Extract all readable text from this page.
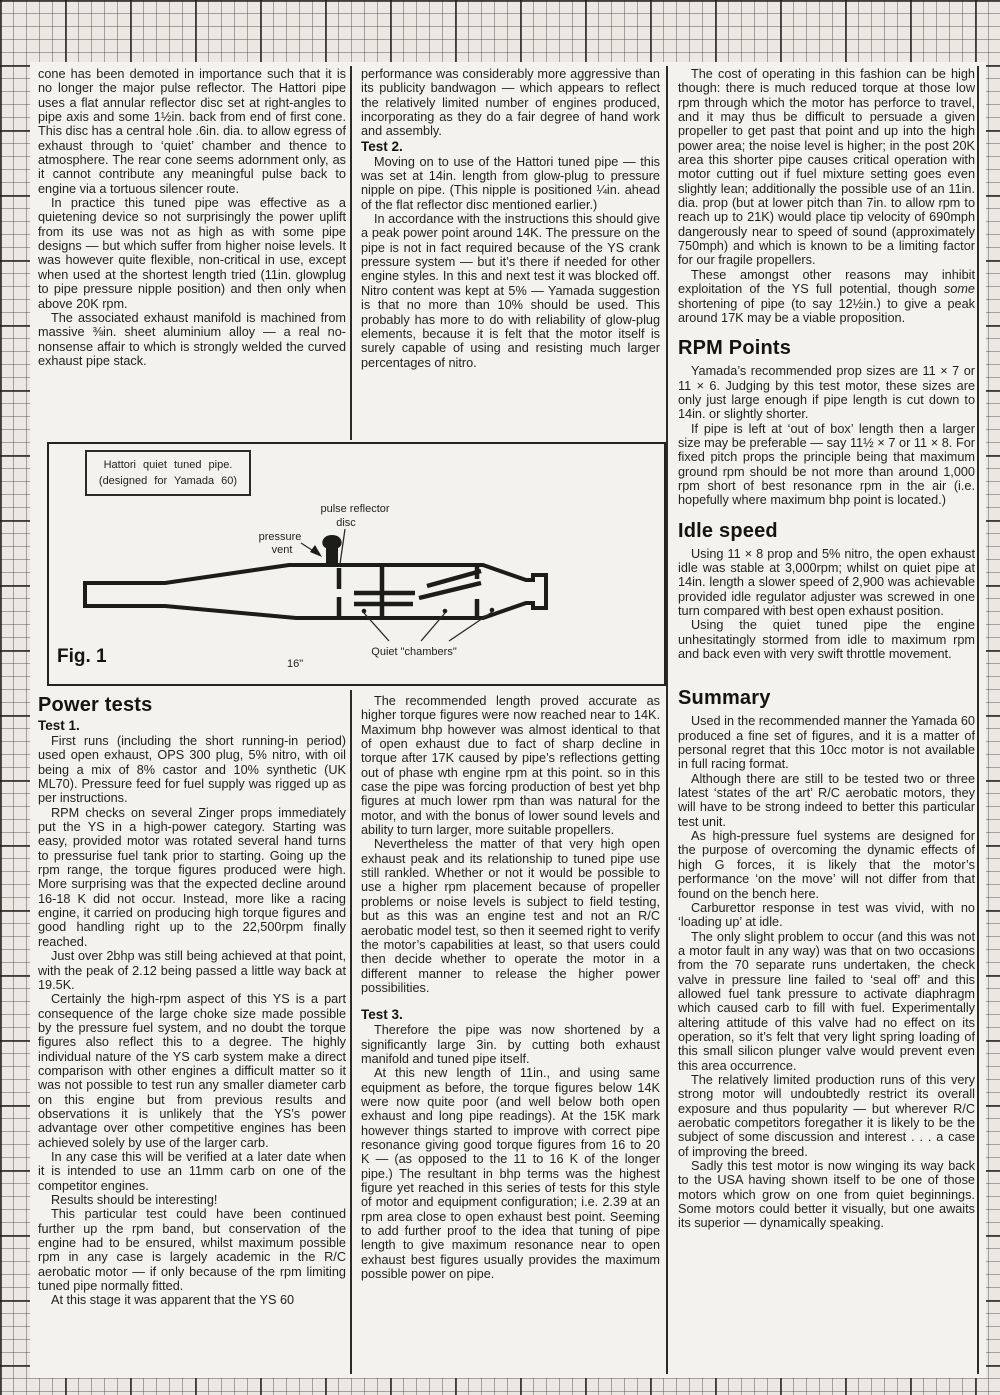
cone has been demoted in importance such that it is no longer the major pulse reflector. The Hattori pipe uses a flat annular reflector disc set at right-angles to pipe axis and some 1½in. back from end of first cone. This disc has a central hole .6in. dia. to allow egress of exhaust through to ‘quiet’ chamber and thence to atmosphere. The rear cone seems adornment only, as it cannot contribute any meaningful pulse back to engine via a tortuous silencer route.

In practice this tuned pipe was effective as a quietening device so not surprisingly the power uplift from its use was not as high as with some pipe designs — but which suffer from higher noise levels. It was however quite flexible, non-critical in use, except when used at the shortest length tried (11in. glowplug to pipe pressure nipple position) and then only when above 20K rpm.

The associated exhaust manifold is machined from massive ⅜in. sheet aluminium alloy — a real no-nonsense affair to which is strongly welded the curved exhaust pipe stack.

performance was considerably more aggressive than its publicity bandwagon — which appears to reflect the relatively limited number of engines produced, incorporating as they do a fair degree of hand work and assembly.

Test 2.

Moving on to use of the Hattori tuned pipe — this was set at 14in. length from glow-plug to pressure nipple on pipe. (This nipple is positioned ¼in. ahead of the flat reflector disc mentioned earlier.)

In accordance with the instructions this should give a peak power point around 14K. The pressure on the pipe is not in fact required because of the YS crank pressure system — but it’s there if needed for other engine styles. In this and next test it was blocked off. Nitro content was kept at 5% — Yamada suggestion is that no more than 10% should be used. This probably has more to do with reliability of glow-plug elements, because it is felt that the motor itself is surely capable of using and resisting much larger percentages of nitro.

The cost of operating in this fashion can be high though: there is much reduced torque at those low rpm through which the motor has perforce to travel, and it may thus be difficult to persuade a given propeller to get past that point and up into the high power area; the noise level is higher; in the post 20K area this shorter pipe causes critical operation with motor cutting out if fuel mixture setting goes even slightly lean; additionally the possible use of an 11in. dia. prop (but at lower pitch than 7in. to allow rpm to reach up to 21K) would place tip velocity of 690mph dangerously near to speed of sound (approximately 750mph) and which is known to be a limiting factor for our fragile propellers.

These amongst other reasons may inhibit exploitation of the YS full potential, though some shortening of pipe (to say 12½in.) to give a peak around 17K may be a viable proposition.

RPM Points

Yamada’s recommended prop sizes are 11 × 7 or 11 × 6. Judging by this test motor, these sizes are only just large enough if pipe length is cut down to 14in. or slightly shorter.

If pipe is left at ‘out of box’ length then a larger size may be preferable — say 11½ × 7 or 11 × 8. For fixed pitch props the principle being that maximum ground rpm should be not more than around 1,000 rpm short of best resonance rpm in the air (i.e. hopefully where maximum bhp point is located.)

Idle speed

Using 11 × 8 prop and 5% nitro, the open exhaust idle was stable at 3,000rpm; whilst on quiet pipe at 14in. length a slower speed of 2,900 was achievable provided idle regulator adjuster was screwed in one turn compared with best open exhaust position.

Using the quiet tuned pipe the engine unhesitatingly stormed from idle to maximum rpm and back even with very swift throttle movement.

Summary

Used in the recommended manner the Yamada 60 produced a fine set of figures, and it is a matter of personal regret that this 10cc motor is not available in full racing format.

Although there are still to be tested two or three latest ‘states of the art’ R/C aerobatic motors, they will have to be strong indeed to better this particular test unit.

As high-pressure fuel systems are designed for the purpose of overcoming the dynamic effects of high G forces, it is likely that the motor’s performance ‘on the move’ will not differ from that found on the bench here.

Carburettor response in test was vivid, with no ‘loading up’ at idle.

The only slight problem to occur (and this was not a motor fault in any way) was that on two occasions from the 70 separate runs undertaken, the check valve in pressure line failed to ‘seal off’ and this allowed fuel tank pressure to activate diaphragm which caused carb to fill with fuel. Experimentally altering attitude of this valve had no effect on its operation, so it’s felt that very light spring loading of this small silicon plunger valve would prevent even this area occurrence.

The relatively limited production runs of this very strong motor will undoubtedly restrict its overall exposure and thus popularity — but wherever R/C aerobatic competitors foregather it is likely to be the subject of some discussion and interest . . . a case of improving the breed.

Sadly this test motor is now winging its way back to the USA having shown itself to be one of those motors which grow on one from quiet beginnings. Some motors could better it visually, but one awaits its superior — dynamically speaking.

pulse reflector
disc
pressure
vent
Quiet "chambers"
Hattori quiet tuned pipe.
(designed for Yamada 60)
Fig. 1	16"
Power tests
Test 1.

First runs (including the short running-in period) used open exhaust, OPS 300 plug, 5% nitro, with oil being a mix of 8% castor and 10% synthetic (UK ML70). Pressure feed for fuel supply was rigged up as per instructions.

RPM checks on several Zinger props immediately put the YS in a high-power category. Starting was easy, provided motor was rotated several hand turns to pressurise fuel tank prior to starting. Going up the rpm range, the torque figures produced were high. More surprising was that the expected decline around 16-18 K did not occur. Instead, more like a racing engine, it carried on producing high torque figures and good handling right up to the 22,500rpm finally reached.

Just over 2bhp was still being achieved at that point, with the peak of 2.12 being passed a little way back at 19.5K.

Certainly the high-rpm aspect of this YS is a part consequence of the large choke size made possible by the pressure fuel system, and no doubt the torque figures also reflect this to a degree. The highly individual nature of the YS carb system make a direct comparison with other engines a difficult matter so it was not possible to test run any smaller diameter carb on this engine but from previous results and observations it is unlikely that the YS’s power advantage over other competitive engines has been achieved solely by use of the larger carb.

In any case this will be verified at a later date when it is intended to use an 11mm carb on one of the competitor engines.

Results should be interesting!

This particular test could have been continued further up the rpm band, but conservation of the engine had to be ensured, whilst maximum possible rpm in any case is largely academic in the R/C aerobatic motor — if only because of the rpm limiting tuned pipe normally fitted.

At this stage it was apparent that the YS 60

The recommended length proved accurate as higher torque figures were now reached near to 14K. Maximum bhp however was almost identical to that of open exhaust due to fact of sharp decline in torque after 17K caused by pipe’s reflections getting out of phase wth engine rpm at this point. so in this case the pipe was forcing production of best yet bhp figures at much lower rpm than was natural for the motor, and with the bonus of lower sound levels and ability to turn larger, more suitable propellers.

Nevertheless the matter of that very high open exhaust peak and its relationship to tuned pipe use still rankled. Whether or not it would be possible to use a higher rpm placement because of propeller problems or noise levels is subject to field testing, but as this was an engine test and not an R/C aerobatic model test, so then it seemed right to verify the motor’s capabilities at least, so that users could then decide whether to operate the motor in a different manner to release the higher power possibilities.

Test 3.

Therefore the pipe was now shortened by a significantly large 3in. by cutting both exhaust manifold and tuned pipe itself.

At this new length of 11in., and using same equipment as before, the torque figures below 14K were now quite poor (and well below both open exhaust and long pipe readings). At the 15K mark however things started to improve with correct pipe resonance giving good torque figures from 16 to 20 K — (as opposed to the 11 to 16 K of the longer pipe.) The resultant in bhp terms was the highest figure yet reached in this series of tests for this style of motor and equipment configuration; i.e. 2.39 at an rpm area close to open exhaust best point. Seeming to add further proof to the idea that tuning of pipe length to give maximum resonance near to open exhaust best figures usually provides the maximum possible power on pipe.
